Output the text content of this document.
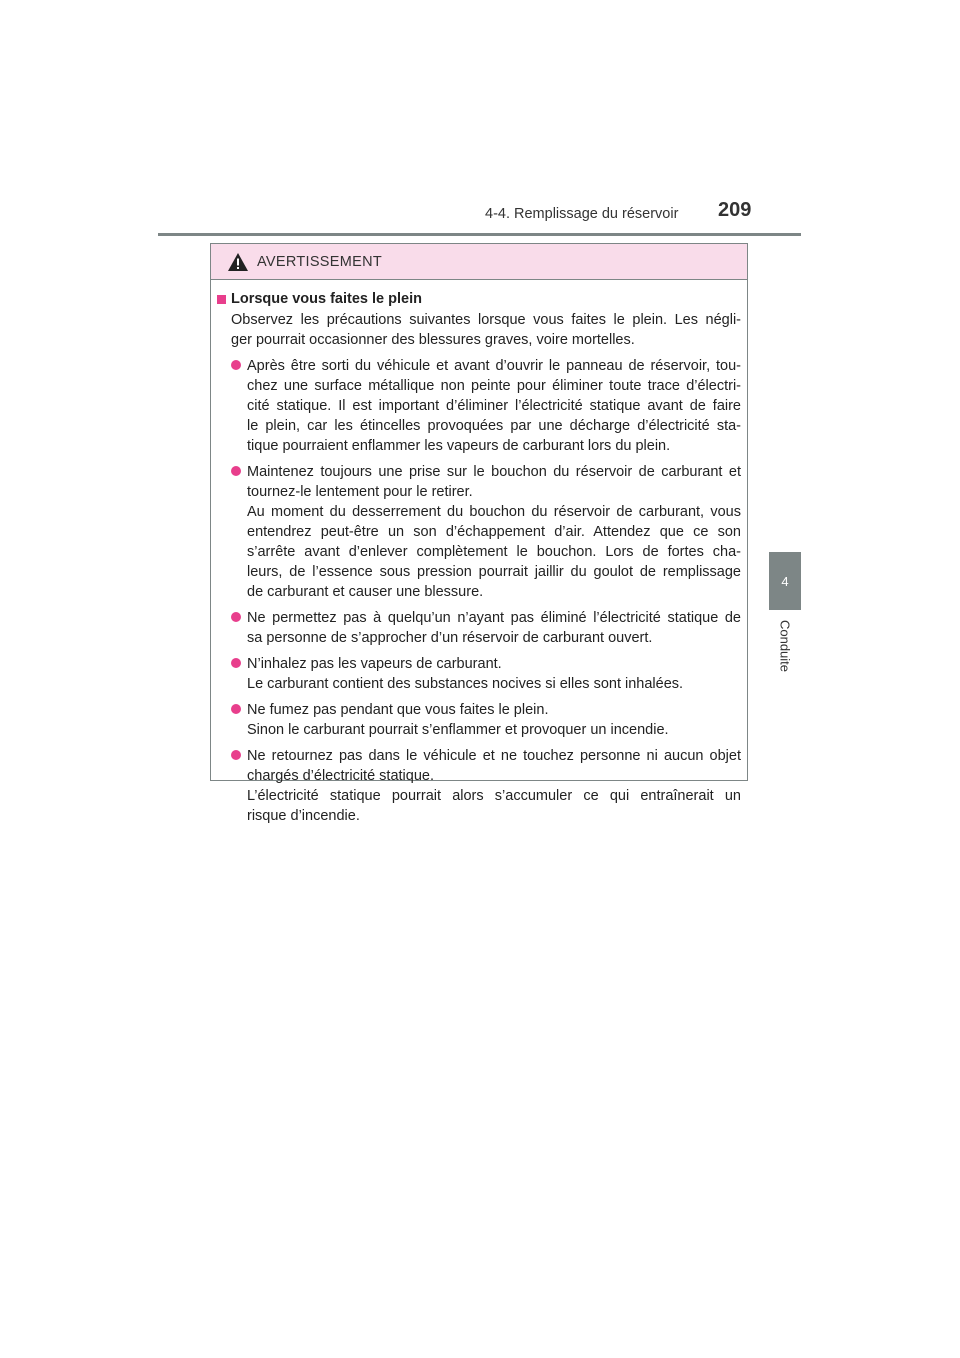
4-4. Remplissage du réservoir 209
4
Conduite
AVERTISSEMENT
Lorsque vous faites le plein
Observez les précautions suivantes lorsque vous faites le plein. Les négli-
ger pourrait occasionner des blessures graves, voire mortelles.
Après être sorti du véhicule et avant d’ouvrir le panneau de réservoir, tou-
chez une surface métallique non peinte pour éliminer toute trace d’électri-
cité statique. Il est important d’éliminer l’électricité statique avant de faire
le plein, car les étincelles provoquées par une décharge d’électricité sta-
tique pourraient enflammer les vapeurs de carburant lors du plein.
Maintenez toujours une prise sur le bouchon du réservoir de carburant et
tournez-le lentement pour le retirer.
Au moment du desserrement du bouchon du réservoir de carburant, vous
entendrez peut-être un son d’échappement d’air. Attendez que ce son
s’arrête avant d’enlever complètement le bouchon. Lors de fortes cha-
leurs, de l’essence sous pression pourrait jaillir du goulot de remplissage
de carburant et causer une blessure.
Ne permettez pas à quelqu’un n’ayant pas éliminé l’électricité statique de
sa personne de s’approcher d’un réservoir de carburant ouvert.
N’inhalez pas les vapeurs de carburant.
Le carburant contient des substances nocives si elles sont inhalées.
Ne fumez pas pendant que vous faites le plein.
Sinon le carburant pourrait s’enflammer et provoquer un incendie.
Ne retournez pas dans le véhicule et ne touchez personne ni aucun objet
chargés d’électricité statique.
L’électricité statique pourrait alors s’accumuler ce qui entraînerait un
risque d’incendie.
